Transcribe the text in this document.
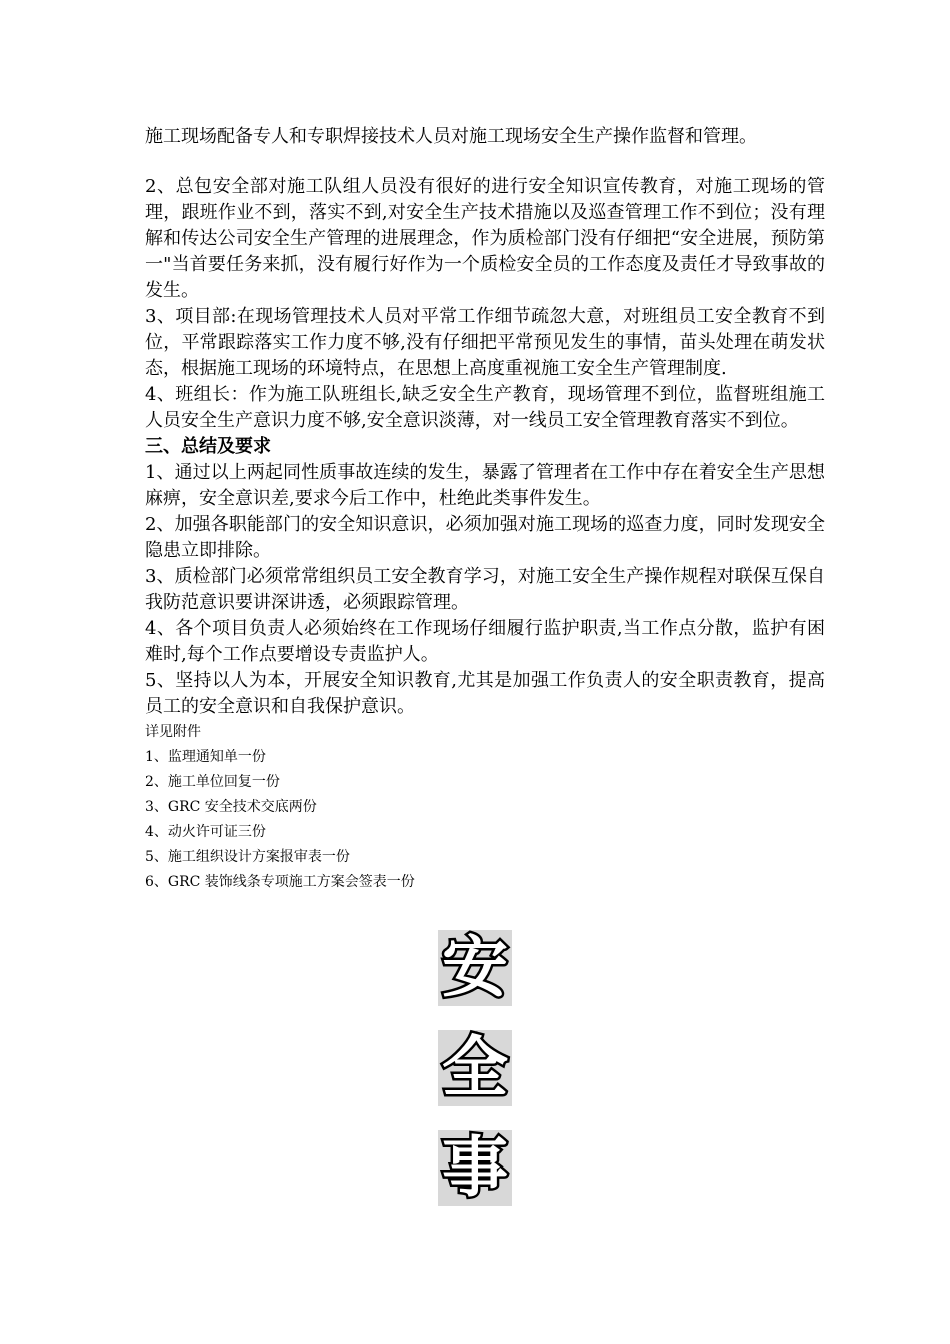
施工现场配备专人和专职焊接技术人员对施工现场安全生产操作监督和管理。

2、总包安全部对施工队组人员没有很好的进行安全知识宣传教育，对施工现场的管理，跟班作业不到，落实不到,对安全生产技术措施以及巡查管理工作不到位；没有理解和传达公司安全生产管理的进展理念，作为质检部门没有仔细把“安全进展，预防第一"当首要任务来抓，没有履行好作为一个质检安全员的工作态度及责任才导致事故的发生。

3、项目部:在现场管理技术人员对平常工作细节疏忽大意，对班组员工安全教育不到位，平常跟踪落实工作力度不够,没有仔细把平常预见发生的事情，苗头处理在萌发状态，根据施工现场的环境特点，在思想上高度重视施工安全生产管理制度.

4、班组长：作为施工队班组长,缺乏安全生产教育，现场管理不到位，监督班组施工人员安全生产意识力度不够,安全意识淡薄，对一线员工安全管理教育落实不到位。

三、总结及要求

1、通过以上两起同性质事故连续的发生，暴露了管理者在工作中存在着安全生产思想麻痹，安全意识差,要求今后工作中，杜绝此类事件发生。

2、加强各职能部门的安全知识意识，必须加强对施工现场的巡查力度，同时发现安全隐患立即排除。

3、质检部门必须常常组织员工安全教育学习，对施工安全生产操作规程对联保互保自我防范意识要讲深讲透，必须跟踪管理。

4、各个项目负责人必须始终在工作现场仔细履行监护职责,当工作点分散，监护有困难时,每个工作点要增设专责监护人。

5、坚持以人为本，开展安全知识教育,尤其是加强工作负责人的安全职责教育，提高员工的安全意识和自我保护意识。

详见附件

1、监理通知单一份

2、施工单位回复一份

3、GRC 安全技术交底两份

4、动火许可证三份

5、施工组织设计方案报审表一份

6、GRC 装饰线条专项施工方案会签表一份

安
全
事
